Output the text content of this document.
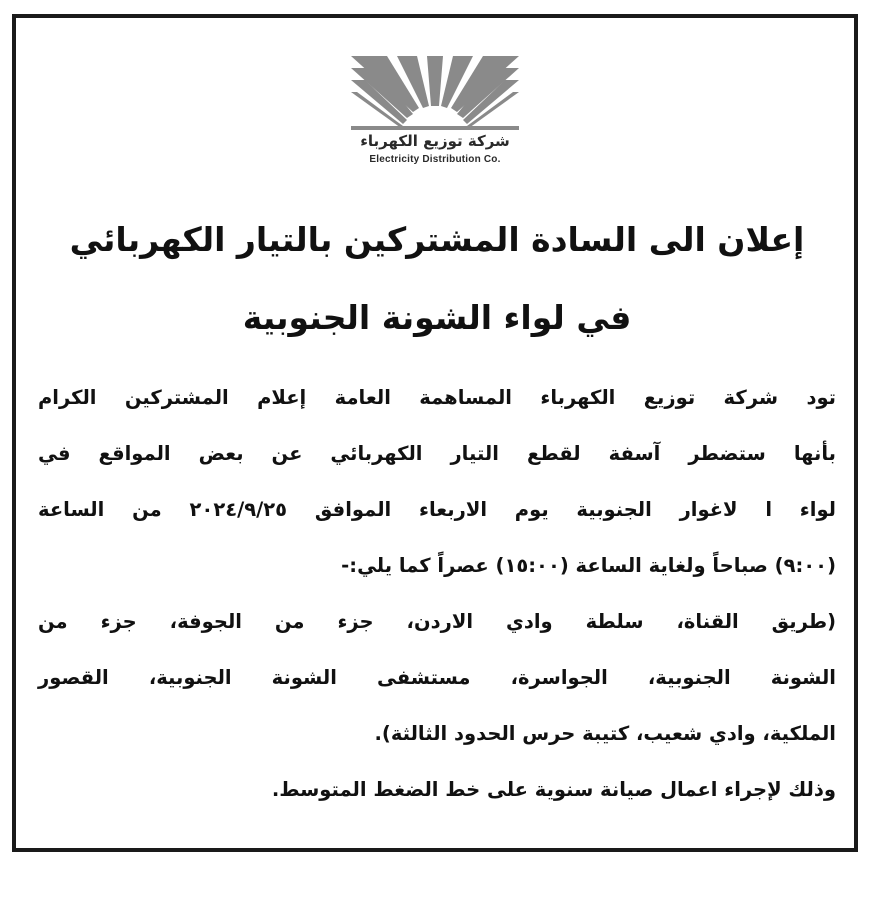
شركة توزيع الكهرباء
Electricity Distribution Co.
إعلان الى السادة المشتركين بالتيار الكهربائي
في لواء الشونة الجنوبية
تود شركة توزيع الكهرباء المساهمة العامة إعلام المشتركين الكرام
بأنها ستضطر آسفة لقطع التيار الكهربائي عن بعض المواقع في
لواء ا لاغوار الجنوبية يوم الاربعاء الموافق ٢٠٢٤/٩/٢٥ من الساعة
(٩:٠٠) صباحاً ولغاية الساعة (١٥:٠٠) عصراً كما يلي:-
(طريق القناة، سلطة وادي الاردن، جزء من الجوفة، جزء من
الشونة الجنوبية، الجواسرة، مستشفى الشونة الجنوبية، القصور
الملكية، وادي شعيب، كتيبة حرس الحدود الثالثة).
وذلك لإجراء اعمال صيانة سنوية على خط الضغط المتوسط.
